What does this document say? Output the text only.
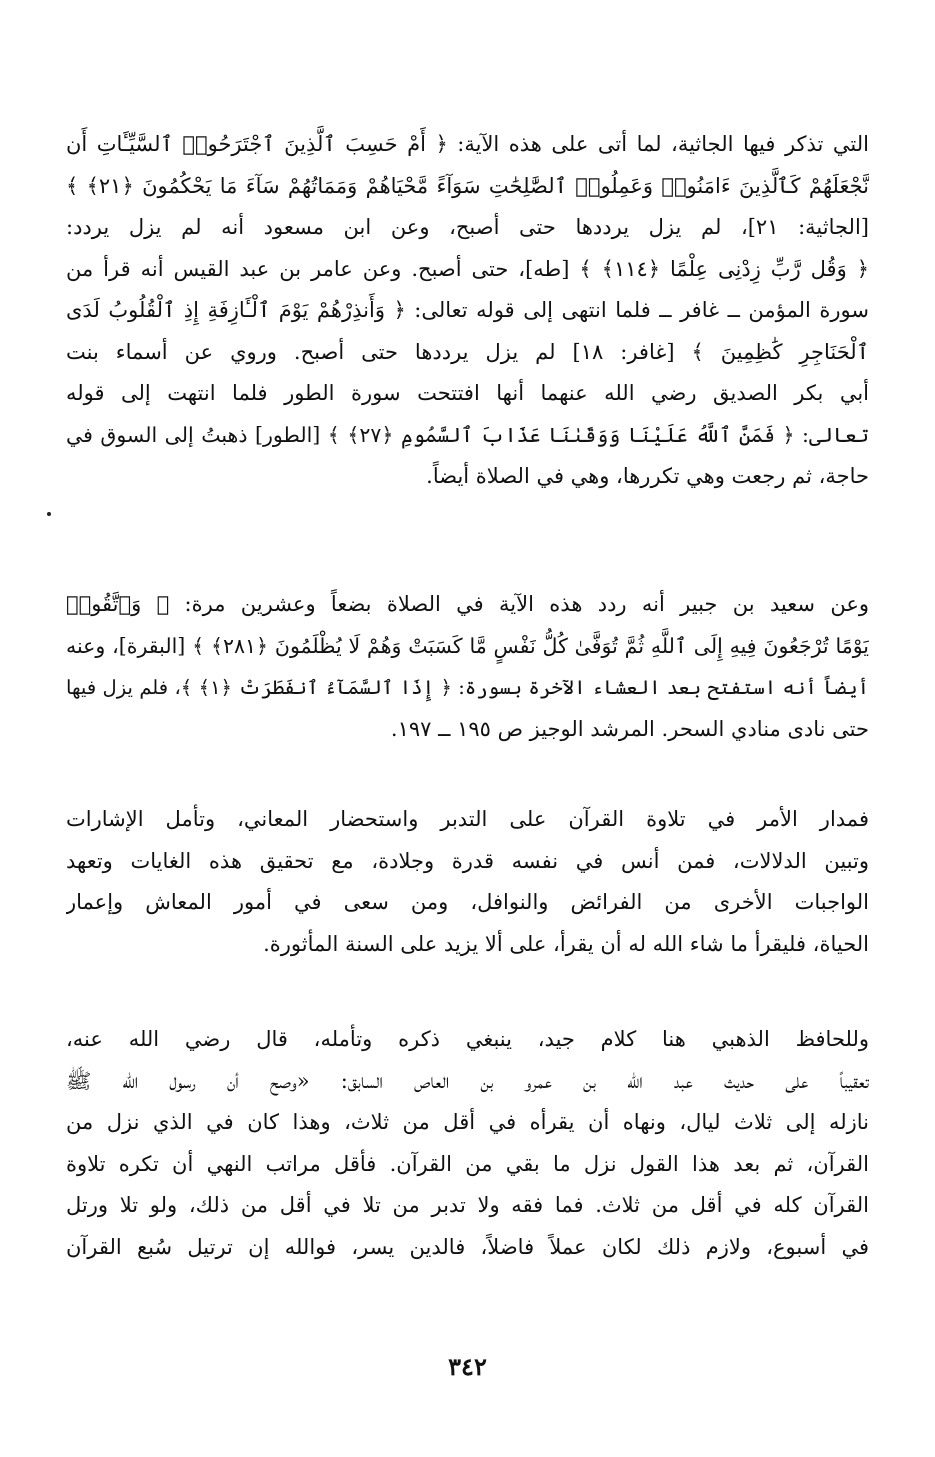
التي تذكر فيها الجاثية، لما أتى على هذه الآية: ﴿ أَمْ حَسِبَ ٱلَّذِينَ ٱجْتَرَحُوا۟ ٱلسَّيِّـَٔاتِ أَن
نَّجْعَلَهُمْ كَٱلَّذِينَ ءَامَنُوا۟ وَعَمِلُوا۟ ٱلصَّٰلِحَٰتِ سَوَآءً مَّحْيَاهُمْ وَمَمَاتُهُمْ سَآءَ مَا يَحْكُمُونَ ﴿٢١﴾ ﴾
[الجاثية: ٢١]، لم يزل يرددها حتى أصبح، وعن ابن مسعود أنه لم يزل يردد:
﴿ وَقُل رَّبِّ زِدْنِى عِلْمًا ﴿١١٤﴾ ﴾ [طه]، حتى أصبح. وعن عامر بن عبد القيس أنه قرأ من
سورة المؤمن ــ غافر ــ فلما انتهى إلى قوله تعالى: ﴿ وَأَنذِرْهُمْ يَوْمَ ٱلْـَٔازِفَةِ إِذِ ٱلْقُلُوبُ لَدَى
ٱلْحَنَاجِرِ كَٰظِمِينَ ﴾ [غافر: ١٨] لم يزل يرددها حتى أصبح. وروي عن أسماء بنت
أبي بكر الصديق رضي الله عنهما أنها افتتحت سورة الطور فلما انتهت إلى قوله
تعالى: ﴿ فَمَنَّ ٱللَّهُ عَلَيْنَا وَوَقَىٰنَا عَذَابَ ٱلسَّمُومِ ﴿٢٧﴾ ﴾ [الطور] ذهبتُ إلى السوق في
حاجة، ثم رجعت وهي تكررها، وهي في الصلاة أيضاً.
وعن سعيد بن جبير أنه ردد هذه الآية في الصلاة بضعاً وعشرين مرة: ﴿ وَٱتَّقُوا۟
يَوْمًا تُرْجَعُونَ فِيهِ إِلَى ٱللَّهِ ثُمَّ تُوَفَّىٰ كُلُّ نَفْسٍ مَّا كَسَبَتْ وَهُمْ لَا يُظْلَمُونَ ﴿٢٨١﴾ ﴾ [البقرة]، وعنه
أيضاً أنه استفتح بعد العشاء الآخرة بسورة: ﴿ إِذَا ٱلسَّمَآءُ ٱنفَطَرَتْ ﴿١﴾ ﴾، فلم يزل فيها
حتى نادى منادي السحر. المرشد الوجيز ص ١٩٥ ــ ١٩٧.
فمدار الأمر في تلاوة القرآن على التدبر واستحضار المعاني، وتأمل الإشارات
وتبين الدلالات، فمن أنس في نفسه قدرة وجلادة، مع تحقيق هذه الغايات وتعهد
الواجبات الأخرى من الفرائض والنوافل، ومن سعى في أمور المعاش وإعمار
الحياة، فليقرأ ما شاء الله له أن يقرأ، على ألا يزيد على السنة المأثورة.
وللحافظ الذهبي هنا كلام جيد، ينبغي ذكره وتأمله، قال رضي الله عنه،
تعقيباً على حديث عبد الله بن عمرو بن العاص السابق: «وصح أن رسول الله ﷺ
نازله إلى ثلاث ليال، ونهاه أن يقرأه في أقل من ثلاث، وهذا كان في الذي نزل من
القرآن، ثم بعد هذا القول نزل ما بقي من القرآن. فأقل مراتب النهي أن تكره تلاوة
القرآن كله في أقل من ثلاث. فما فقه ولا تدبر من تلا في أقل من ذلك، ولو تلا ورتل
في أسبوع، ولازم ذلك لكان عملاً فاضلاً، فالدين يسر، فوالله إن ترتيل سُبع القرآن
٣٤٢
